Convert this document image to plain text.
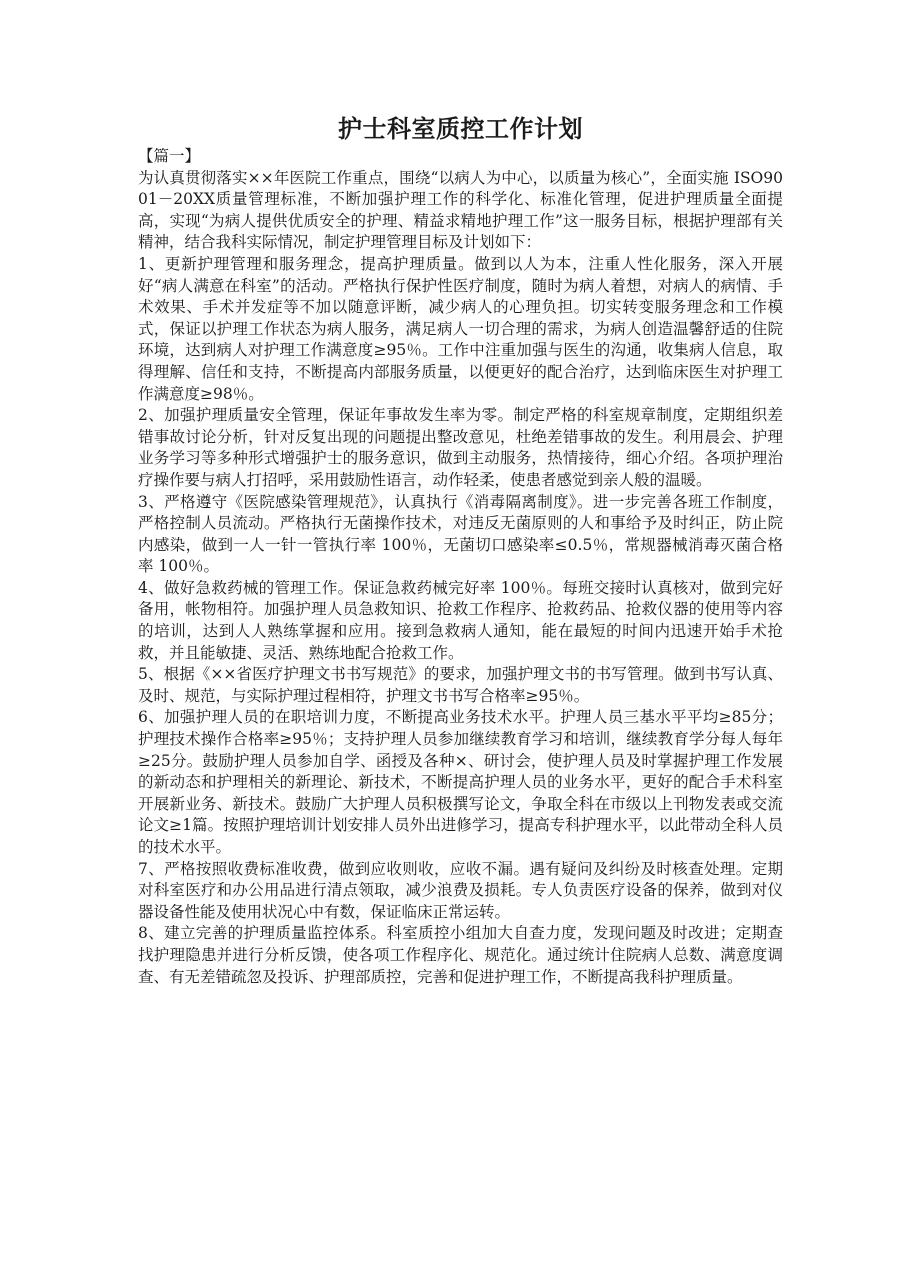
护士科室质控工作计划

【篇一】

为认真贯彻落实××年医院工作重点，围绕“以病人为中心，以质量为核心”，全面实施 ISO9001－20XX质量管理标准，不断加强护理工作的科学化、标准化管理，促进护理质量全面提高，实现“为病人提供优质安全的护理、精益求精地护理工作”这一服务目标，根据护理部有关精神，结合我科实际情况，制定护理管理目标及计划如下：

1、更新护理管理和服务理念，提高护理质量。做到以人为本，注重人性化服务，深入开展好“病人满意在科室”的活动。严格执行保护性医疗制度，随时为病人着想，对病人的病情、手术效果、手术并发症等不加以随意评断，减少病人的心理负担。切实转变服务理念和工作模式，保证以护理工作状态为病人服务，满足病人一切合理的需求，为病人创造温馨舒适的住院环境，达到病人对护理工作满意度≥95％。工作中注重加强与医生的沟通，收集病人信息，取得理解、信任和支持，不断提高内部服务质量，以便更好的配合治疗，达到临床医生对护理工作满意度≥98％。

2、加强护理质量安全管理，保证年事故发生率为零。制定严格的科室规章制度，定期组织差错事故讨论分析，针对反复出现的问题提出整改意见，杜绝差错事故的发生。利用晨会、护理业务学习等多种形式增强护士的服务意识，做到主动服务，热情接待，细心介绍。各项护理治疗操作要与病人打招呼，采用鼓励性语言，动作轻柔，使患者感觉到亲人般的温暖。

3、严格遵守《医院感染管理规范》，认真执行《消毒隔离制度》。进一步完善各班工作制度，严格控制人员流动。严格执行无菌操作技术，对违反无菌原则的人和事给予及时纠正，防止院内感染，做到一人一针一管执行率 100％，无菌切口感染率≤0.5％，常规器械消毒灭菌合格率 100％。

4、做好急救药械的管理工作。保证急救药械完好率 100％。每班交接时认真核对，做到完好备用，帐物相符。加强护理人员急救知识、抢救工作程序、抢救药品、抢救仪器的使用等内容的培训，达到人人熟练掌握和应用。接到急救病人通知，能在最短的时间内迅速开始手术抢救，并且能敏捷、灵活、熟练地配合抢救工作。

5、根据《××省医疗护理文书书写规范》的要求，加强护理文书的书写管理。做到书写认真、及时、规范，与实际护理过程相符，护理文书书写合格率≥95％。

6、加强护理人员的在职培训力度，不断提高业务技术水平。护理人员三基水平平均≥85分；护理技术操作合格率≥95％；支持护理人员参加继续教育学习和培训，继续教育学分每人每年≥25分。鼓励护理人员参加自学、函授及各种×、研讨会，使护理人员及时掌握护理工作发展的新动态和护理相关的新理论、新技术，不断提高护理人员的业务水平，更好的配合手术科室开展新业务、新技术。鼓励广大护理人员积极撰写论文，争取全科在市级以上刊物发表或交流论文≥1篇。按照护理培训计划安排人员外出进修学习，提高专科护理水平，以此带动全科人员的技术水平。

7、严格按照收费标准收费，做到应收则收，应收不漏。遇有疑问及纠纷及时核查处理。定期对科室医疗和办公用品进行清点领取，减少浪费及损耗。专人负责医疗设备的保养，做到对仪器设备性能及使用状况心中有数，保证临床正常运转。

8、建立完善的护理质量监控体系。科室质控小组加大自查力度，发现问题及时改进；定期查找护理隐患并进行分析反馈，使各项工作程序化、规范化。通过统计住院病人总数、满意度调查、有无差错疏忽及投诉、护理部质控，完善和促进护理工作，不断提高我科护理质量。
